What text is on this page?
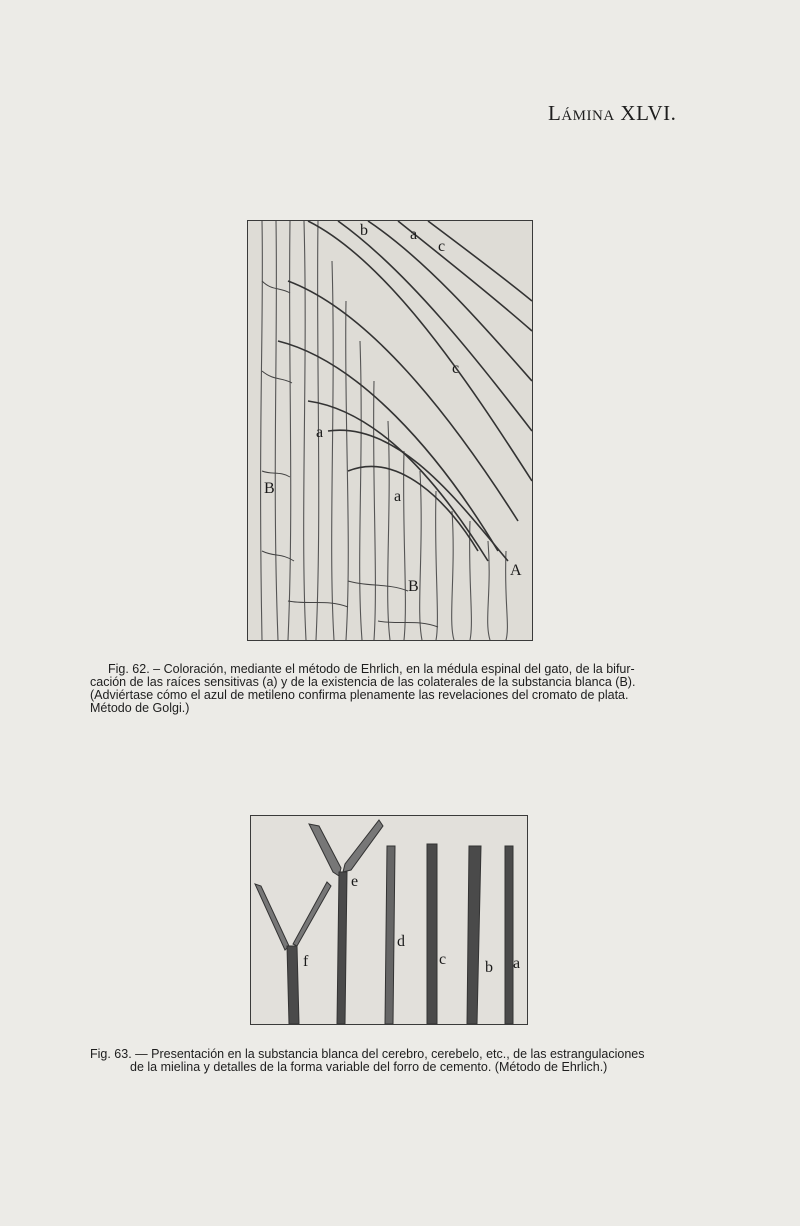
Lámina XLVI.
b	a
c
c
a
B	a
B
A
Fig. 62. – Coloración, mediante el método de Ehrlich, en la médula espinal del gato, de la bifur-
cación de las raíces sensitivas (a) y de la existencia de las colaterales de la substancia blanca (B).
(Adviértase cómo el azul de metileno confirma plenamente las revelaciones del cromato de plata.
Método de Golgi.)
e
f
d
c b a
Fig. 63. — Presentación en la substancia blanca del cerebro, cerebelo, etc., de las estrangulaciones
de la mielina y detalles de la forma variable del forro de cemento. (Método de Ehrlich.)
